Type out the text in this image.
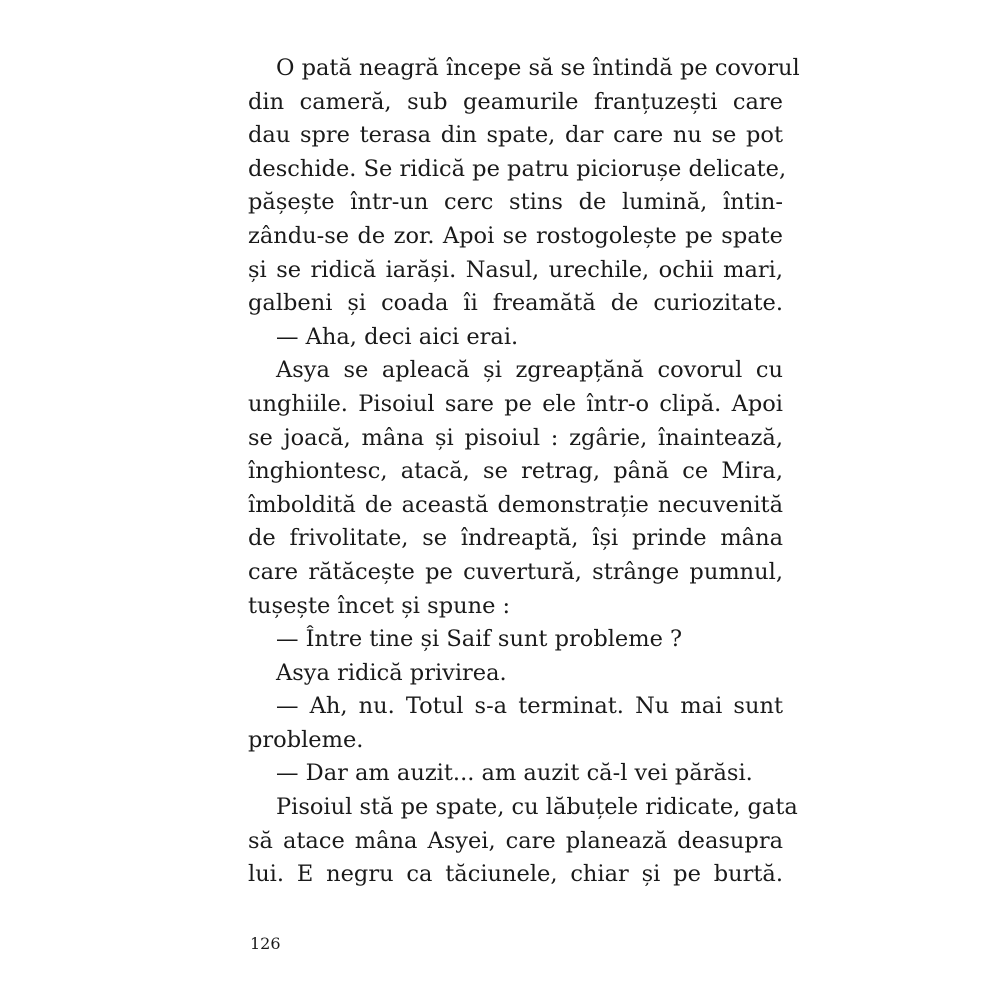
O pată neagră începe să se întindă pe covorul
din cameră, sub geamurile franțuzești care
dau spre terasa din spate, dar care nu se pot
deschide. Se ridică pe patru piciorușe delicate,
pășește într-un cerc stins de lumină, întin-
zându-se de zor. Apoi se rostogolește pe spate
și se ridică iarăși. Nasul, urechile, ochii mari,
galbeni și coada îi freamătă de curiozitate.
— Aha, deci aici erai.
Asya se apleacă și zgreapțănă covorul cu
unghiile. Pisoiul sare pe ele într-o clipă. Apoi
se joacă, mâna și pisoiul : zgârie, înaintează,
înghiontesc, atacă, se retrag, până ce Mira,
îmboldită de această demonstrație necuvenită
de frivolitate, se îndreaptă, își prinde mâna
care rătăcește pe cuvertură, strânge pumnul,
tușește încet și spune :
— Între tine și Saif sunt probleme ?
Asya ridică privirea.
— Ah, nu. Totul s-a terminat. Nu mai sunt
probleme.
— Dar am auzit... am auzit că-l vei părăsi.
Pisoiul stă pe spate, cu lăbuțele ridicate, gata
să atace mâna Asyei, care planează deasupra
lui. E negru ca tăciunele, chiar și pe burtă.
126
